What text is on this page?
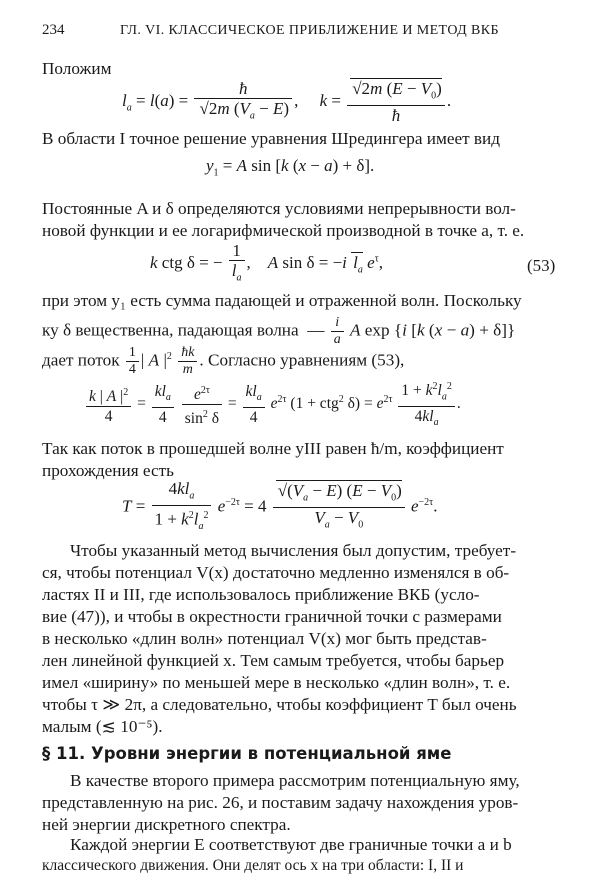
234	ГЛ. VI. КЛАССИЧЕСКОЕ ПРИБЛИЖЕНИЕ И МЕТОД ВКБ
Положим
$l_a = l(a) = \frac{ħ}{√2m (V_a - E)}$ ,     $k = \frac{√2m (E - V_0)}{ħ}$ .
В области I точное решение уравнения Шредингера имеет вид
$y_1 = A$ sin [k (x − a) + δ].
Постоянные A и δ определяются условиями непрерывности вол-
новой функции и ее логарифмической производной в точке a, т. е.
k ctg δ = − $\frac{1}{l_a}$ ,    A sin δ = −i $l_a$ $e^\tau$,	(53)
при этом y₁ есть сумма падающей и отраженной волн. Поскольку
ку δ вещественна, падающая волна  — $\frac{i}{a}$ A exp {i [k (x − a) + δ]}
дает поток $\frac{1}{4}$ | A $|^2 \frac{ħk}{m}$ . Согласно уравнениям (53),
$\frac{k | A |^2}{4} = \frac{kl_a}{4}$
$\frac{e^{2\tau}}{\sin^2 \delta} = \frac{kl_a}{4} e^{2\tau}$ (1 + ctg$^2$ $\delta) = e^{2\tau} \frac{1 + k^2l_a^2}{4kl_a}$ .
Так как поток в прошедшей волне yIII равен ħ/m, коэффициент
прохождения есть
$T = \frac{4kl_a}{1 + k^2l_a^2} e^{-2\tau} = 4 \frac{√(V_a - E) (E - V_0)}{V_a - V_0} e^{-2\tau}$.
Чтобы указанный метод вычисления был допустим, требует-
ся, чтобы потенциал V(x) достаточно медленно изменялся в об-
ластях II и III, где использовалось приближение ВКБ (усло-
вие (47)), и чтобы в окрестности граничной точки с размерами
в несколько «длин волн» потенциал V(x) мог быть представ-
лен линейной функцией x. Тем самым требуется, чтобы барьер
имел «ширину» по меньшей мере в несколько «длин волн», т. е.
чтобы τ ≫ 2π, а следовательно, чтобы коэффициент T был очень
§ 11. Уровни энергии в потенциальной яме
В качестве второго примера рассмотрим потенциальную яму,
представленную на рис. 26, и поставим задачу нахождения уров-
ней энергии дискретного спектра.
Каждой энергии E соответствуют две граничные точки a и b
малым (≲ 10⁻⁵).
классического движения. Они делят ось x на три области: I, II и
